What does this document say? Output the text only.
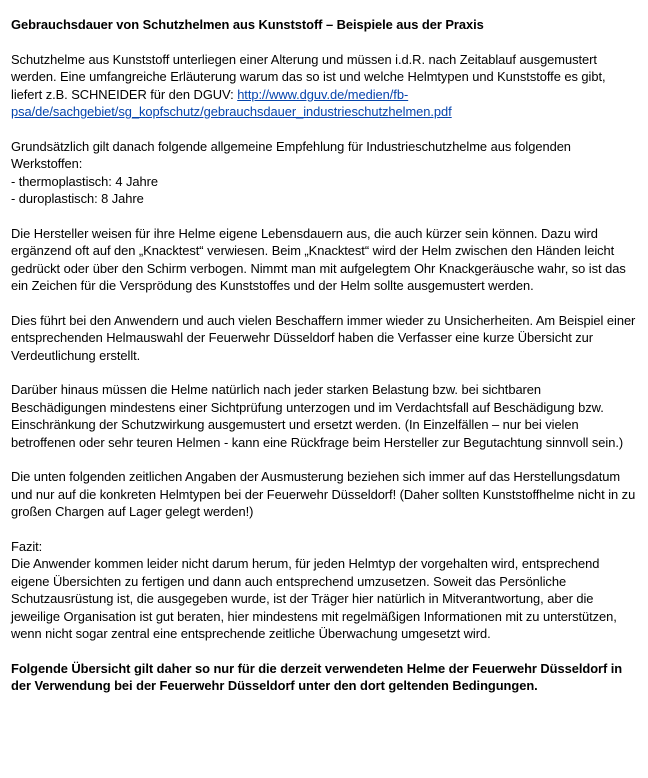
Gebrauchsdauer von Schutzhelmen aus Kunststoff – Beispiele aus der Praxis

Schutzhelme aus Kunststoff unterliegen einer Alterung und müssen i.d.R. nach Zeitablauf ausgemustert werden. Eine umfangreiche Erläuterung warum das so ist und welche Helmtypen und Kunststoffe es gibt, liefert z.B. SCHNEIDER für den DGUV: http://www.dguv.de/medien/fb-
psa/de/sachgebiet/sg_kopfschutz/gebrauchsdauer_industrieschutzhelmen.pdf

Grundsätzlich gilt danach folgende allgemeine Empfehlung für Industrieschutzhelme aus folgenden Werkstoffen:
- thermoplastisch: 4 Jahre
- duroplastisch: 8 Jahre

Die Hersteller weisen für ihre Helme eigene Lebensdauern aus, die auch kürzer sein können. Dazu wird ergänzend oft auf den „Knacktest“ verwiesen. Beim „Knacktest“ wird der Helm zwischen den Händen leicht gedrückt oder über den Schirm verbogen. Nimmt man mit aufgelegtem Ohr Knackgeräusche wahr, so ist das ein Zeichen für die Versprödung des Kunststoffes und der Helm sollte ausgemustert werden.

Dies führt bei den Anwendern und auch vielen Beschaffern immer wieder zu Unsicherheiten. Am Beispiel einer entsprechenden Helmauswahl der Feuerwehr Düsseldorf haben die Verfasser eine kurze Übersicht zur Verdeutlichung erstellt.

Darüber hinaus müssen die Helme natürlich nach jeder starken Belastung bzw. bei sichtbaren Beschädigungen mindestens einer Sichtprüfung unterzogen und im Verdachtsfall auf Beschädigung bzw. Einschränkung der Schutzwirkung ausgemustert und ersetzt werden. (In Einzelfällen – nur bei vielen betroffenen oder sehr teuren Helmen - kann eine Rückfrage beim Hersteller zur Begutachtung sinnvoll sein.)

Die unten folgenden zeitlichen Angaben der Ausmusterung beziehen sich immer auf das Herstellungsdatum und nur auf die konkreten Helmtypen bei der Feuerwehr Düsseldorf! (Daher sollten Kunststoffhelme nicht in zu großen Chargen auf Lager gelegt werden!)

Fazit:
Die Anwender kommen leider nicht darum herum, für jeden Helmtyp der vorgehalten wird, entsprechend eigene Übersichten zu fertigen und dann auch entsprechend umzusetzen. Soweit das Persönliche Schutzausrüstung ist, die ausgegeben wurde, ist der Träger hier natürlich in Mitverantwortung, aber die jeweilige Organisation ist gut beraten, hier mindestens mit regelmäßigen Informationen mit zu unterstützen, wenn nicht sogar zentral eine entsprechende zeitliche Überwachung umgesetzt wird.

Folgende Übersicht gilt daher so nur für die derzeit verwendeten Helme der Feuerwehr Düsseldorf in der Verwendung bei der Feuerwehr Düsseldorf unter den dort geltenden Bedingungen.
